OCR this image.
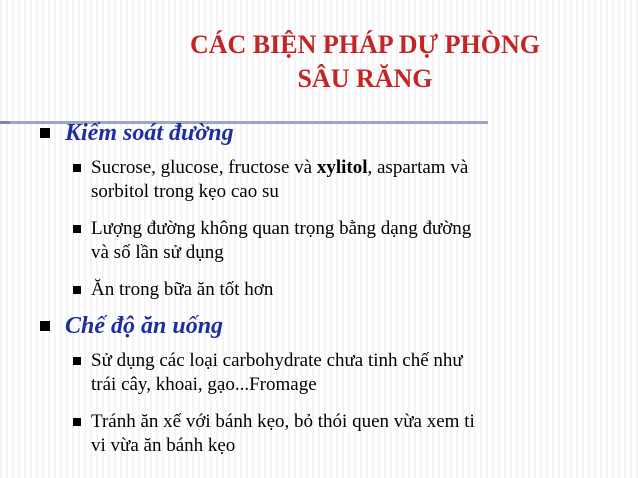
CÁC BIỆN PHÁP DỰ PHÒNG
SÂU RĂNG
Kiểm soát đường
Sucrose, glucose, fructose và xylitol, aspartam và
sorbitol trong kẹo cao su
Lượng đường không quan trọng bằng dạng đường
và số lần sử dụng
Ăn trong bữa ăn tốt hơn
Chế độ ăn uống
Sử dụng các loại carbohydrate chưa tinh chế như
trái cây, khoai, gạo...Fromage
Tránh ăn xế với bánh kẹo, bỏ thói quen vừa xem ti
vi vừa ăn bánh kẹo
